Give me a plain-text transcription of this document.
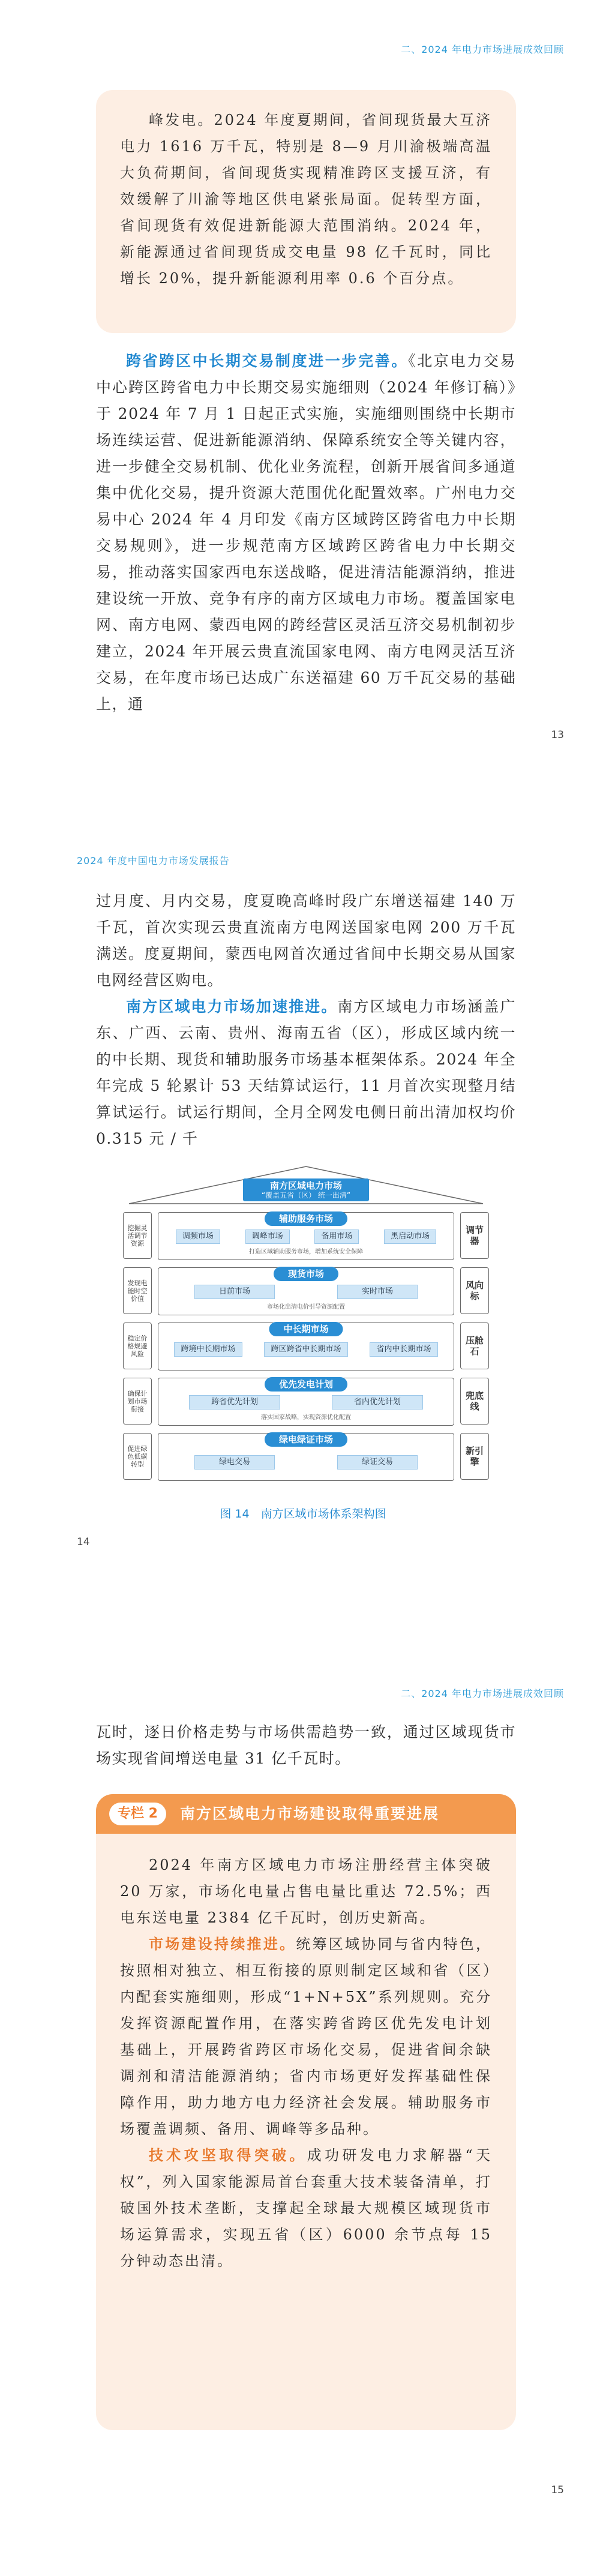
二、2024 年电力市场进展成效回顾

峰发电。2024 年度夏期间，省间现货最大互济电力 1616 万千瓦，特别是 8—9 月川渝极端高温大负荷期间，省间现货实现精准跨区支援互济，有效缓解了川渝等地区供电紧张局面。促转型方面，省间现货有效促进新能源大范围消纳。2024 年，新能源通过省间现货成交电量 98 亿千瓦时，同比增长 20%，提升新能源利用率 0.6 个百分点。

跨省跨区中长期交易制度进一步完善。《北京电力交易中心跨区跨省电力中长期交易实施细则（2024 年修订稿）》于 2024 年 7 月 1 日起正式实施，实施细则围绕中长期市场连续运营、促进新能源消纳、保障系统安全等关键内容，进一步健全交易机制、优化业务流程，创新开展省间多通道集中优化交易，提升资源大范围优化配置效率。广州电力交易中心 2024 年 4 月印发《南方区域跨区跨省电力中长期交易规则》，进一步规范南方区域跨区跨省电力中长期交易，推动落实国家西电东送战略，促进清洁能源消纳，推进建设统一开放、竞争有序的南方区域电力市场。覆盖国家电网、南方电网、蒙西电网的跨经营区灵活互济交易机制初步建立，2024 年开展云贵直流国家电网、南方电网灵活互济交易，在年度市场已达成广东送福建 60 万千瓦交易的基础上，通

13
2024 年度中国电力市场发展报告

过月度、月内交易，度夏晚高峰时段广东增送福建 140 万千瓦，首次实现云贵直流南方电网送国家电网 200 万千瓦满送。度夏期间，蒙西电网首次通过省间中长期交易从国家电网经营区购电。

南方区域电力市场加速推进。南方区域电力市场涵盖广东、广西、云南、贵州、海南五省（区），形成区域内统一的中长期、现货和辅助服务市场基本框架体系。2024 年全年完成 5 轮累计 53 天结算试运行，11 月首次实现整月结算试运行。试运行期间，全月全网发电侧日前出清加权均价 0.315 元 / 千

14
南方区域电力市场
“覆盖五省（区） 统一出清”
挖掘灵活调节资源
辅助服务市场
调频市场	调峰市场	备用市场	黑启动市场
打造区域辅助服务市场，增加系统安全保障
调节器
发现电能时空价值
现货市场
日前市场	实时市场
市场化出清电价引导资源配置
风向标
稳定价格规避风险
中长期市场
跨境中长期市场	跨区跨省中长期市场	省内中长期市场
压舱石
确保计划市场衔接
优先发电计划
跨省优先计划	省内优先计划
落实国家战略，实现资源优化配置
兜底线
促进绿色低碳转型
绿电绿证市场
绿电交易	绿证交易
新引擎
图 14　南方区域市场体系架构图
二、2024 年电力市场进展成效回顾

瓦时，逐日价格走势与市场供需趋势一致，通过区域现货市场实现省间增送电量 31 亿千瓦时。

专栏 2	南方区域电力市场建设取得重要进展

2024 年南方区域电力市场注册经营主体突破 20 万家，市场化电量占售电量比重达 72.5%；西电东送电量 2384 亿千瓦时，创历史新高。

市场建设持续推进。统筹区域协同与省内特色，按照相对独立、相互衔接的原则制定区域和省（区）内配套实施细则，形成“1+N+5X”系列规则。充分发挥资源配置作用，在落实跨省跨区优先发电计划基础上，开展跨省跨区市场化交易，促进省间余缺调剂和清洁能源消纳；省内市场更好发挥基础性保障作用，助力地方电力经济社会发展。辅助服务市场覆盖调频、备用、调峰等多品种。

技术攻坚取得突破。成功研发电力求解器“天权”，列入国家能源局首台套重大技术装备清单，打破国外技术垄断，支撑起全球最大规模区域现货市场运算需求，实现五省（区）6000 余节点每 15 分钟动态出清。

15
